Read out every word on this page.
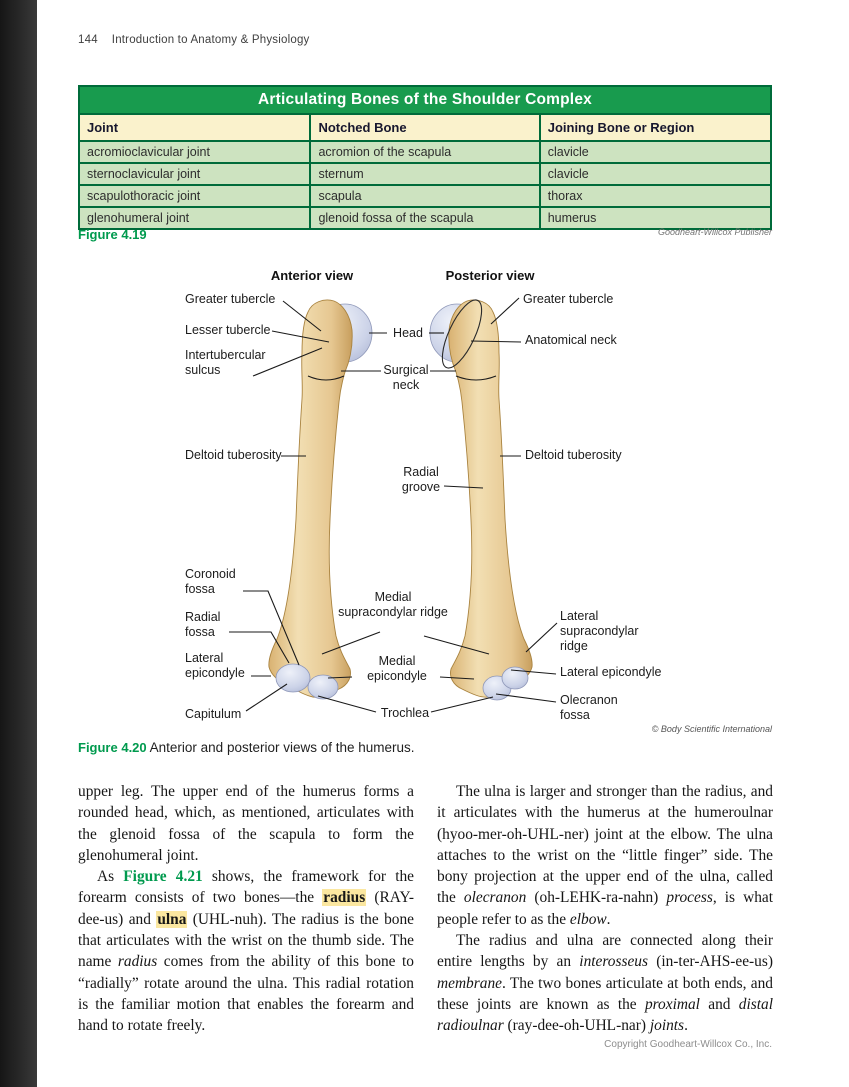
144 Introduction to Anatomy & Physiology
Articulating Bones of the Shoulder Complex		
Joint	Notched Bone	Joining Bone or Region
acromioclavicular joint	acromion of the scapula	clavicle
sternoclavicular joint	sternum	clavicle
scapulothoracic joint	scapula	thorax
glenohumeral joint	glenoid fossa of the scapula	humerus
Figure 4.19	Goodheart-Willcox Publisher
Anterior view	Posterior view
Greater tubercle
Lesser tubercle
Intertubercular sulcus
Deltoid tuberosity
Coronoid fossa
Radial fossa
Lateral epicondyle
Capitulum
Head
Surgical neck
Radial groove
Medial supracondylar ridge
Medial epicondyle
Trochlea
Greater tubercle
Anatomical neck
Deltoid tuberosity
Lateral supracondylar ridge
Lateral epicondyle
Olecranon fossa
© Body Scientific International
Figure 4.20 Anterior and posterior views of the humerus.

upper leg. The upper end of the humerus forms a rounded head, which, as mentioned, articulates with the glenoid fossa of the scapula to form the glenohumeral joint.

As Figure 4.21 shows, the framework for the forearm consists of two bones—the radius (RAY-dee-us) and ulna (UHL-nuh). The radius is the bone that articulates with the wrist on the thumb side. The name radius comes from the ability of this bone to “radially” rotate around the ulna. This radial rotation is the familiar motion that enables the forearm and hand to rotate freely.

The ulna is larger and stronger than the radius, and it articulates with the humerus at the humeroulnar (hyoo-mer-oh-UHL-ner) joint at the elbow. The ulna attaches to the wrist on the “little finger” side. The bony projection at the upper end of the ulna, called the olecranon (oh-LEHK-ra-nahn) process, is what people refer to as the elbow.

The radius and ulna are connected along their entire lengths by an interosseus (in-ter-AHS-ee-us) membrane. The two bones articulate at both ends, and these joints are known as the proximal and distal radioulnar (ray-dee-oh-UHL-nar) joints.

Copyright Goodheart-Willcox Co., Inc.
